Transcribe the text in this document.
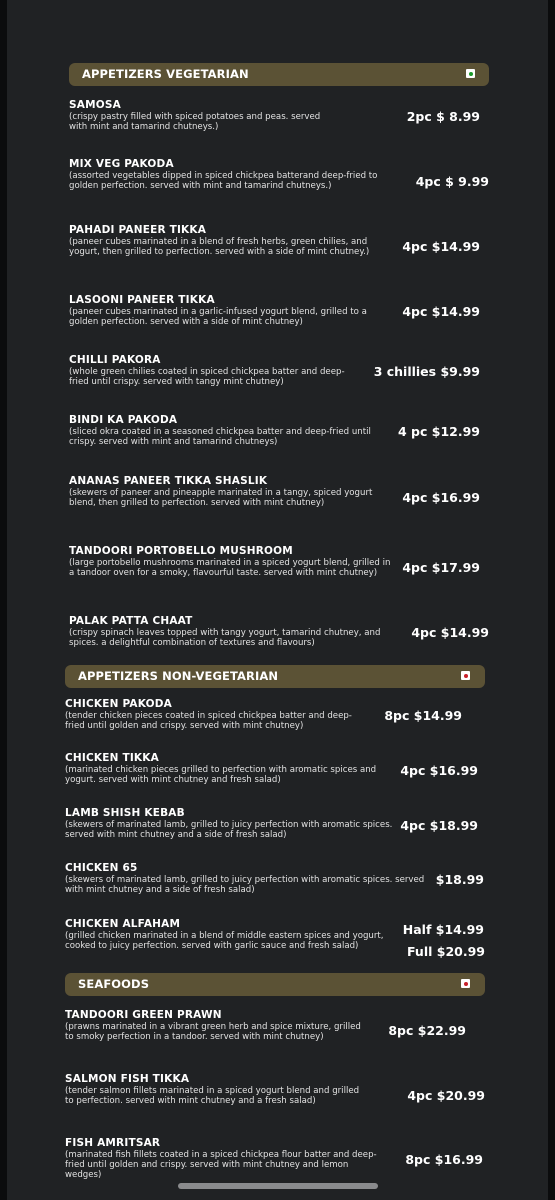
APPETIZERS VEGETARIAN
SAMOSA
(crispy pastry filled with spiced potatoes and peas. served with mint and tamarind chutneys.)
2pc $ 8.99
MIX VEG PAKODA
(assorted vegetables dipped in spiced chickpea batterand deep-fried to golden perfection. served with mint and tamarind chutneys.)	4pc $ 9.99
PAHADI PANEER TIKKA
(paneer cubes marinated in a blend of fresh herbs, green chilies, and yogurt, then grilled to perfection. served with a side of mint chutney.)	4pc $14.99
LASOONI PANEER TIKKA
(paneer cubes marinated in a garlic-infused yogurt blend, grilled to a golden perfection. served with a side of mint chutney)
4pc $14.99
CHILLI PAKORA
(whole green chilies coated in spiced chickpea batter and deep-fried until crispy. served with tangy mint chutney)
3 chillies $9.99
BINDI KA PAKODA
(sliced okra coated in a seasoned chickpea batter and deep-fried until crispy. served with mint and tamarind chutneys)
4 pc $12.99
ANANAS PANEER TIKKA SHASLIK
(skewers of paneer and pineapple marinated in a tangy, spiced yogurt blend, then grilled to perfection. served with mint chutney)	4pc $16.99
TANDOORI PORTOBELLO MUSHROOM
(large portobello mushrooms marinated in a spiced yogurt blend, grilled in a tandoor oven for a smoky, flavourful taste. served with mint chutney)	4pc $17.99
PALAK PATTA CHAAT
(crispy spinach leaves topped with tangy yogurt, tamarind chutney, and spices. a delightful combination of textures and flavours)
4pc $14.99
APPETIZERS NON-VEGETARIAN
CHICKEN PAKODA
(tender chicken pieces coated in spiced chickpea batter and deep-fried until golden and crispy. served with mint chutney)
8pc $14.99
CHICKEN TIKKA
(marinated chicken pieces grilled to perfection with aromatic spices and yogurt. served with mint chutney and fresh salad)
4pc $16.99
LAMB SHISH KEBAB
(skewers of marinated lamb, grilled to juicy perfection with aromatic spices. served with mint chutney and a side of fresh salad)
4pc $18.99
CHICKEN 65
(skewers of marinated lamb, grilled to juicy perfection with aromatic spices. served with mint chutney and a side of fresh salad)
$18.99
CHICKEN ALFAHAM
(grilled chicken marinated in a blend of middle eastern spices and yogurt, cooked to juicy perfection. served with garlic sauce and fresh salad)
Half $14.99
Full $20.99
SEAFOODS
TANDOORI GREEN PRAWN
(prawns marinated in a vibrant green herb and spice mixture, grilled to smoky perfection in a tandoor. served with mint chutney)	8pc $22.99
SALMON FISH TIKKA
(tender salmon fillets marinated in a spiced yogurt blend and grilled to perfection. served with mint chutney and a fresh salad)	4pc $20.99
FISH AMRITSAR
(marinated fish fillets coated in a spiced chickpea flour batter and deep-fried until golden and crispy. served with mint chutney and lemon wedges)
8pc $16.99
